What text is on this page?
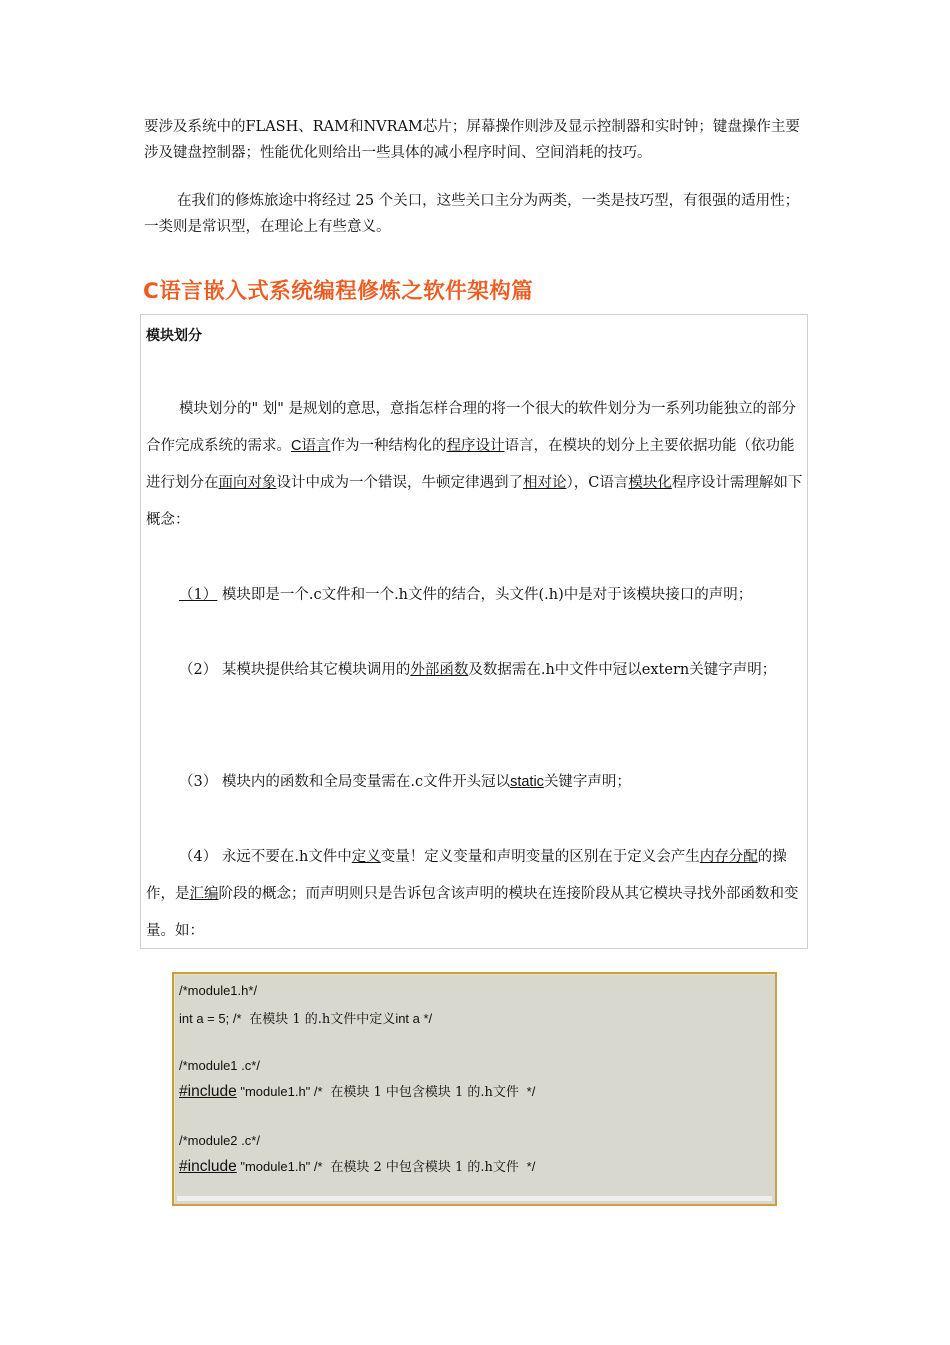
要涉及系统中的FLASH、RAM和NVRAM芯片；屏幕操作则涉及显示控制器和实时钟；键盘操作主要涉及键盘控制器；性能优化则给出一些具体的减小程序时间、空间消耗的技巧。

在我们的修炼旅途中将经过 25 个关口，这些关口主分为两类，一类是技巧型，有很强的适用性；一类则是常识型，在理论上有些意义。

C语言嵌入式系统编程修炼之软件架构篇
模块划分

模块划分的" 划" 是规划的意思，意指怎样合理的将一个很大的软件划分为一系列功能独立的部分合作完成系统的需求。C语言作为一种结构化的程序设计语言，在模块的划分上主要依据功能（依功能进行划分在面向对象设计中成为一个错误，牛顿定律遇到了相对论），C语言模块化程序设计需理解如下概念：

（1） 模块即是一个.c文件和一个.h文件的结合，头文件(.h)中是对于该模块接口的声明；

（2） 某模块提供给其它模块调用的外部函数及数据需在.h中文件中冠以extern关键字声明；

（3） 模块内的函数和全局变量需在.c文件开头冠以static关键字声明；

（4） 永远不要在.h文件中定义变量！定义变量和声明变量的区别在于定义会产生内存分配的操作，是汇编阶段的概念；而声明则只是告诉包含该声明的模块在连接阶段从其它模块寻找外部函数和变量。如：

/*module1.h*/
int a = 5; /*  在模块 1 的.h文件中定义int a */
/*module1 .c*/
#include "module1.h" /*  在模块 1 中包含模块 1 的.h文件  */
/*module2 .c*/
#include "module1.h" /*  在模块 2 中包含模块 1 的.h文件  */
